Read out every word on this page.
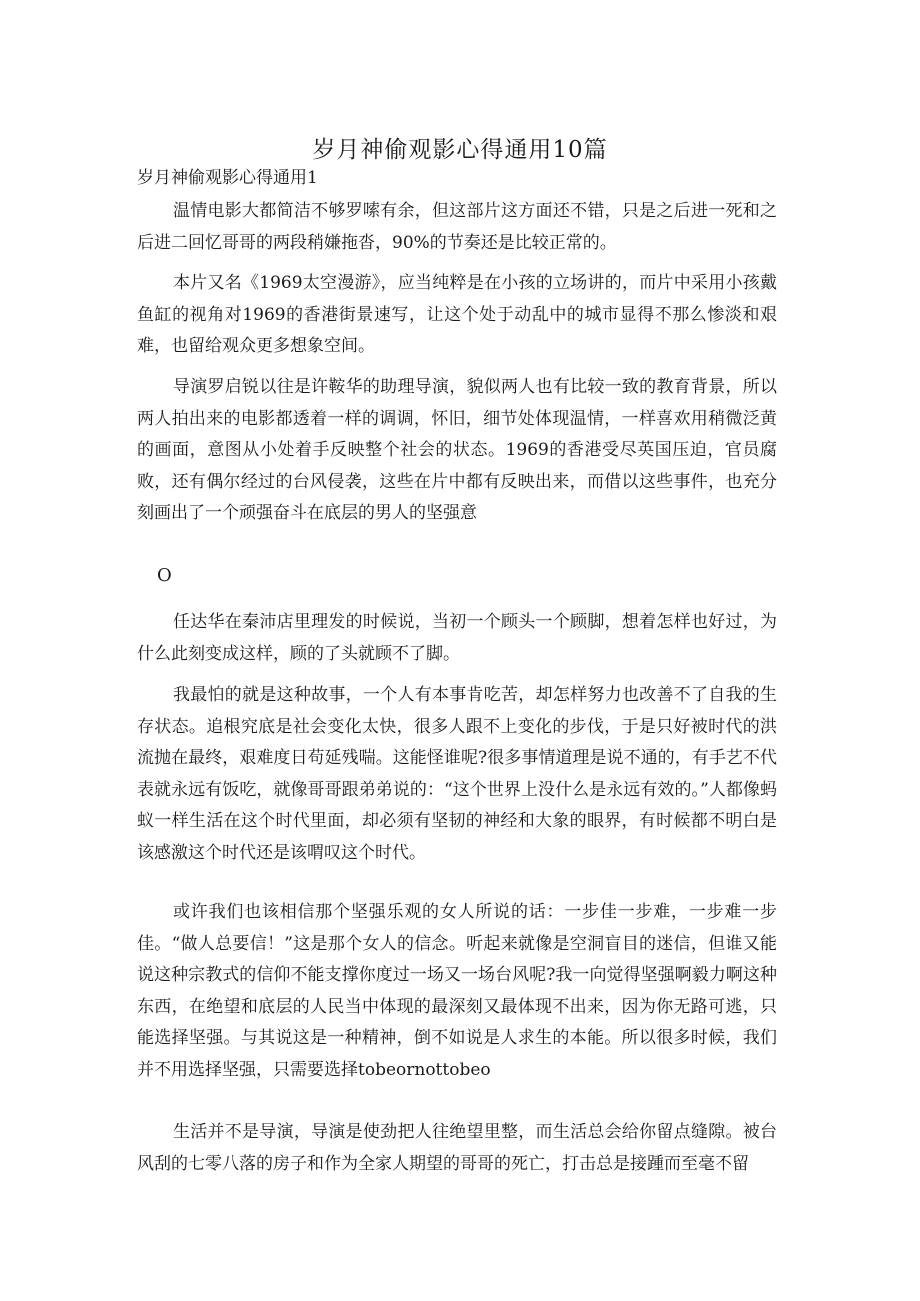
岁月神偷观影心得通用10篇
岁月神偷观影心得通用1

温情电影大都简洁不够罗嗦有余，但这部片这方面还不错，只是之后进一死和之后进二回忆哥哥的两段稍嫌拖沓，90%的节奏还是比较正常的。

本片又名《1969太空漫游》，应当纯粹是在小孩的立场讲的，而片中采用小孩戴鱼缸的视角对1969的香港街景速写，让这个处于动乱中的城市显得不那么惨淡和艰难，也留给观众更多想象空间。

导演罗启锐以往是许鞍华的助理导演，貌似两人也有比较一致的教育背景，所以两人拍出来的电影都透着一样的调调，怀旧，细节处体现温情，一样喜欢用稍微泛黄的画面，意图从小处着手反映整个社会的状态。1969的香港受尽英国压迫，官员腐败，还有偶尔经过的台风侵袭，这些在片中都有反映出来，而借以这些事件，也充分刻画出了一个顽强奋斗在底层的男人的坚强意

O

任达华在秦沛店里理发的时候说，当初一个顾头一个顾脚，想着怎样也好过，为什么此刻变成这样，顾的了头就顾不了脚。

我最怕的就是这种故事，一个人有本事肯吃苦，却怎样努力也改善不了自我的生存状态。追根究底是社会变化太快，很多人跟不上变化的步伐，于是只好被时代的洪流抛在最终，艰难度日苟延残喘。这能怪谁呢?很多事情道理是说不通的，有手艺不代表就永远有饭吃，就像哥哥跟弟弟说的：“这个世界上没什么是永远有效的。”人都像蚂蚁一样生活在这个时代里面，却必须有坚韧的神经和大象的眼界，有时候都不明白是该感激这个时代还是该喟叹这个时代。

或许我们也该相信那个坚强乐观的女人所说的话：一步佳一步难，一步难一步佳。“做人总要信！”这是那个女人的信念。听起来就像是空洞盲目的迷信，但谁又能说这种宗教式的信仰不能支撑你度过一场又一场台风呢?我一向觉得坚强啊毅力啊这种东西，在绝望和底层的人民当中体现的最深刻又最体现不出来，因为你无路可逃，只能选择坚强。与其说这是一种精神，倒不如说是人求生的本能。所以很多时候，我们并不用选择坚强，只需要选择tobeornottobeo

生活并不是导演，导演是使劲把人往绝望里整，而生活总会给你留点缝隙。被台风刮的七零八落的房子和作为全家人期望的哥哥的死亡，打击总是接踵而至毫不留
